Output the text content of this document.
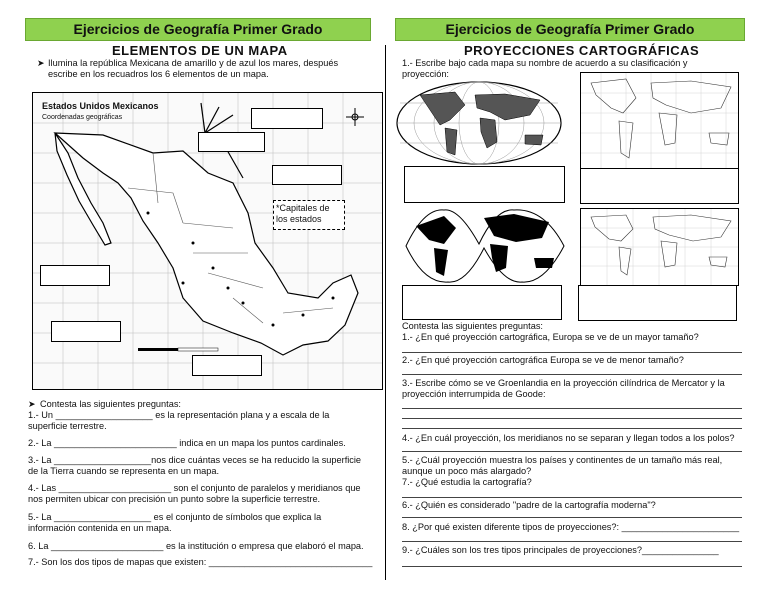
Ejercicios de Geografía Primer Grado
ELEMENTOS DE UN MAPA
➤ Ilumina la república Mexicana de amarillo y de azul los mares, después escribe en los recuadros los 6 elementos de un mapa.
Estados Unidos Mexicanos
Coordenadas geográficas
*Capitales de los estados
➤ Contesta las siguientes preguntas:
1.- Un ___________________ es la representación plana y a escala de la superficie terrestre.
2.- La ________________________ indica en un mapa los puntos cardinales.
3.- La ___________________nos dice cuántas veces se ha reducido la superficie de la Tierra cuando se representa en un mapa.
4.- Las ______________________ son el conjunto de paralelos y meridianos que nos permiten ubicar con precisión un punto sobre la superficie terrestre.
5.- La ___________________ es el conjunto de símbolos que explica la información contenida en un mapa.
6. La ______________________ es la institución o empresa que elaboró el mapa.
7.- Son los dos tipos de mapas que existen: ________________________________
Ejercicios de Geografía Primer Grado
PROYECCIONES CARTOGRÁFICAS
1.- Escribe bajo cada mapa su nombre de acuerdo a su clasificación y proyección:
Contesta las siguientes preguntas:
1.- ¿En qué proyección cartográfica, Europa se ve de un mayor tamaño?
2.- ¿En qué proyección cartográfica Europa se ve de menor tamaño?
3.- Escribe cómo se ve Groenlandia en la proyección cilíndrica de Mercator y la proyección interrumpida de Goode:
4.- ¿En cuál proyección, los meridianos no se separan y llegan todos a los polos?
5.- ¿Cuál proyección muestra los países y continentes de un tamaño más real, aunque un poco más alargado?
7.- ¿Qué estudia la cartografía?
6.- ¿Quién es considerado "padre de la cartografía moderna"?
8. ¿Por qué existen diferente tipos de proyecciones?: _______________________
9.- ¿Cuáles son los tres tipos principales de proyecciones?_______________
